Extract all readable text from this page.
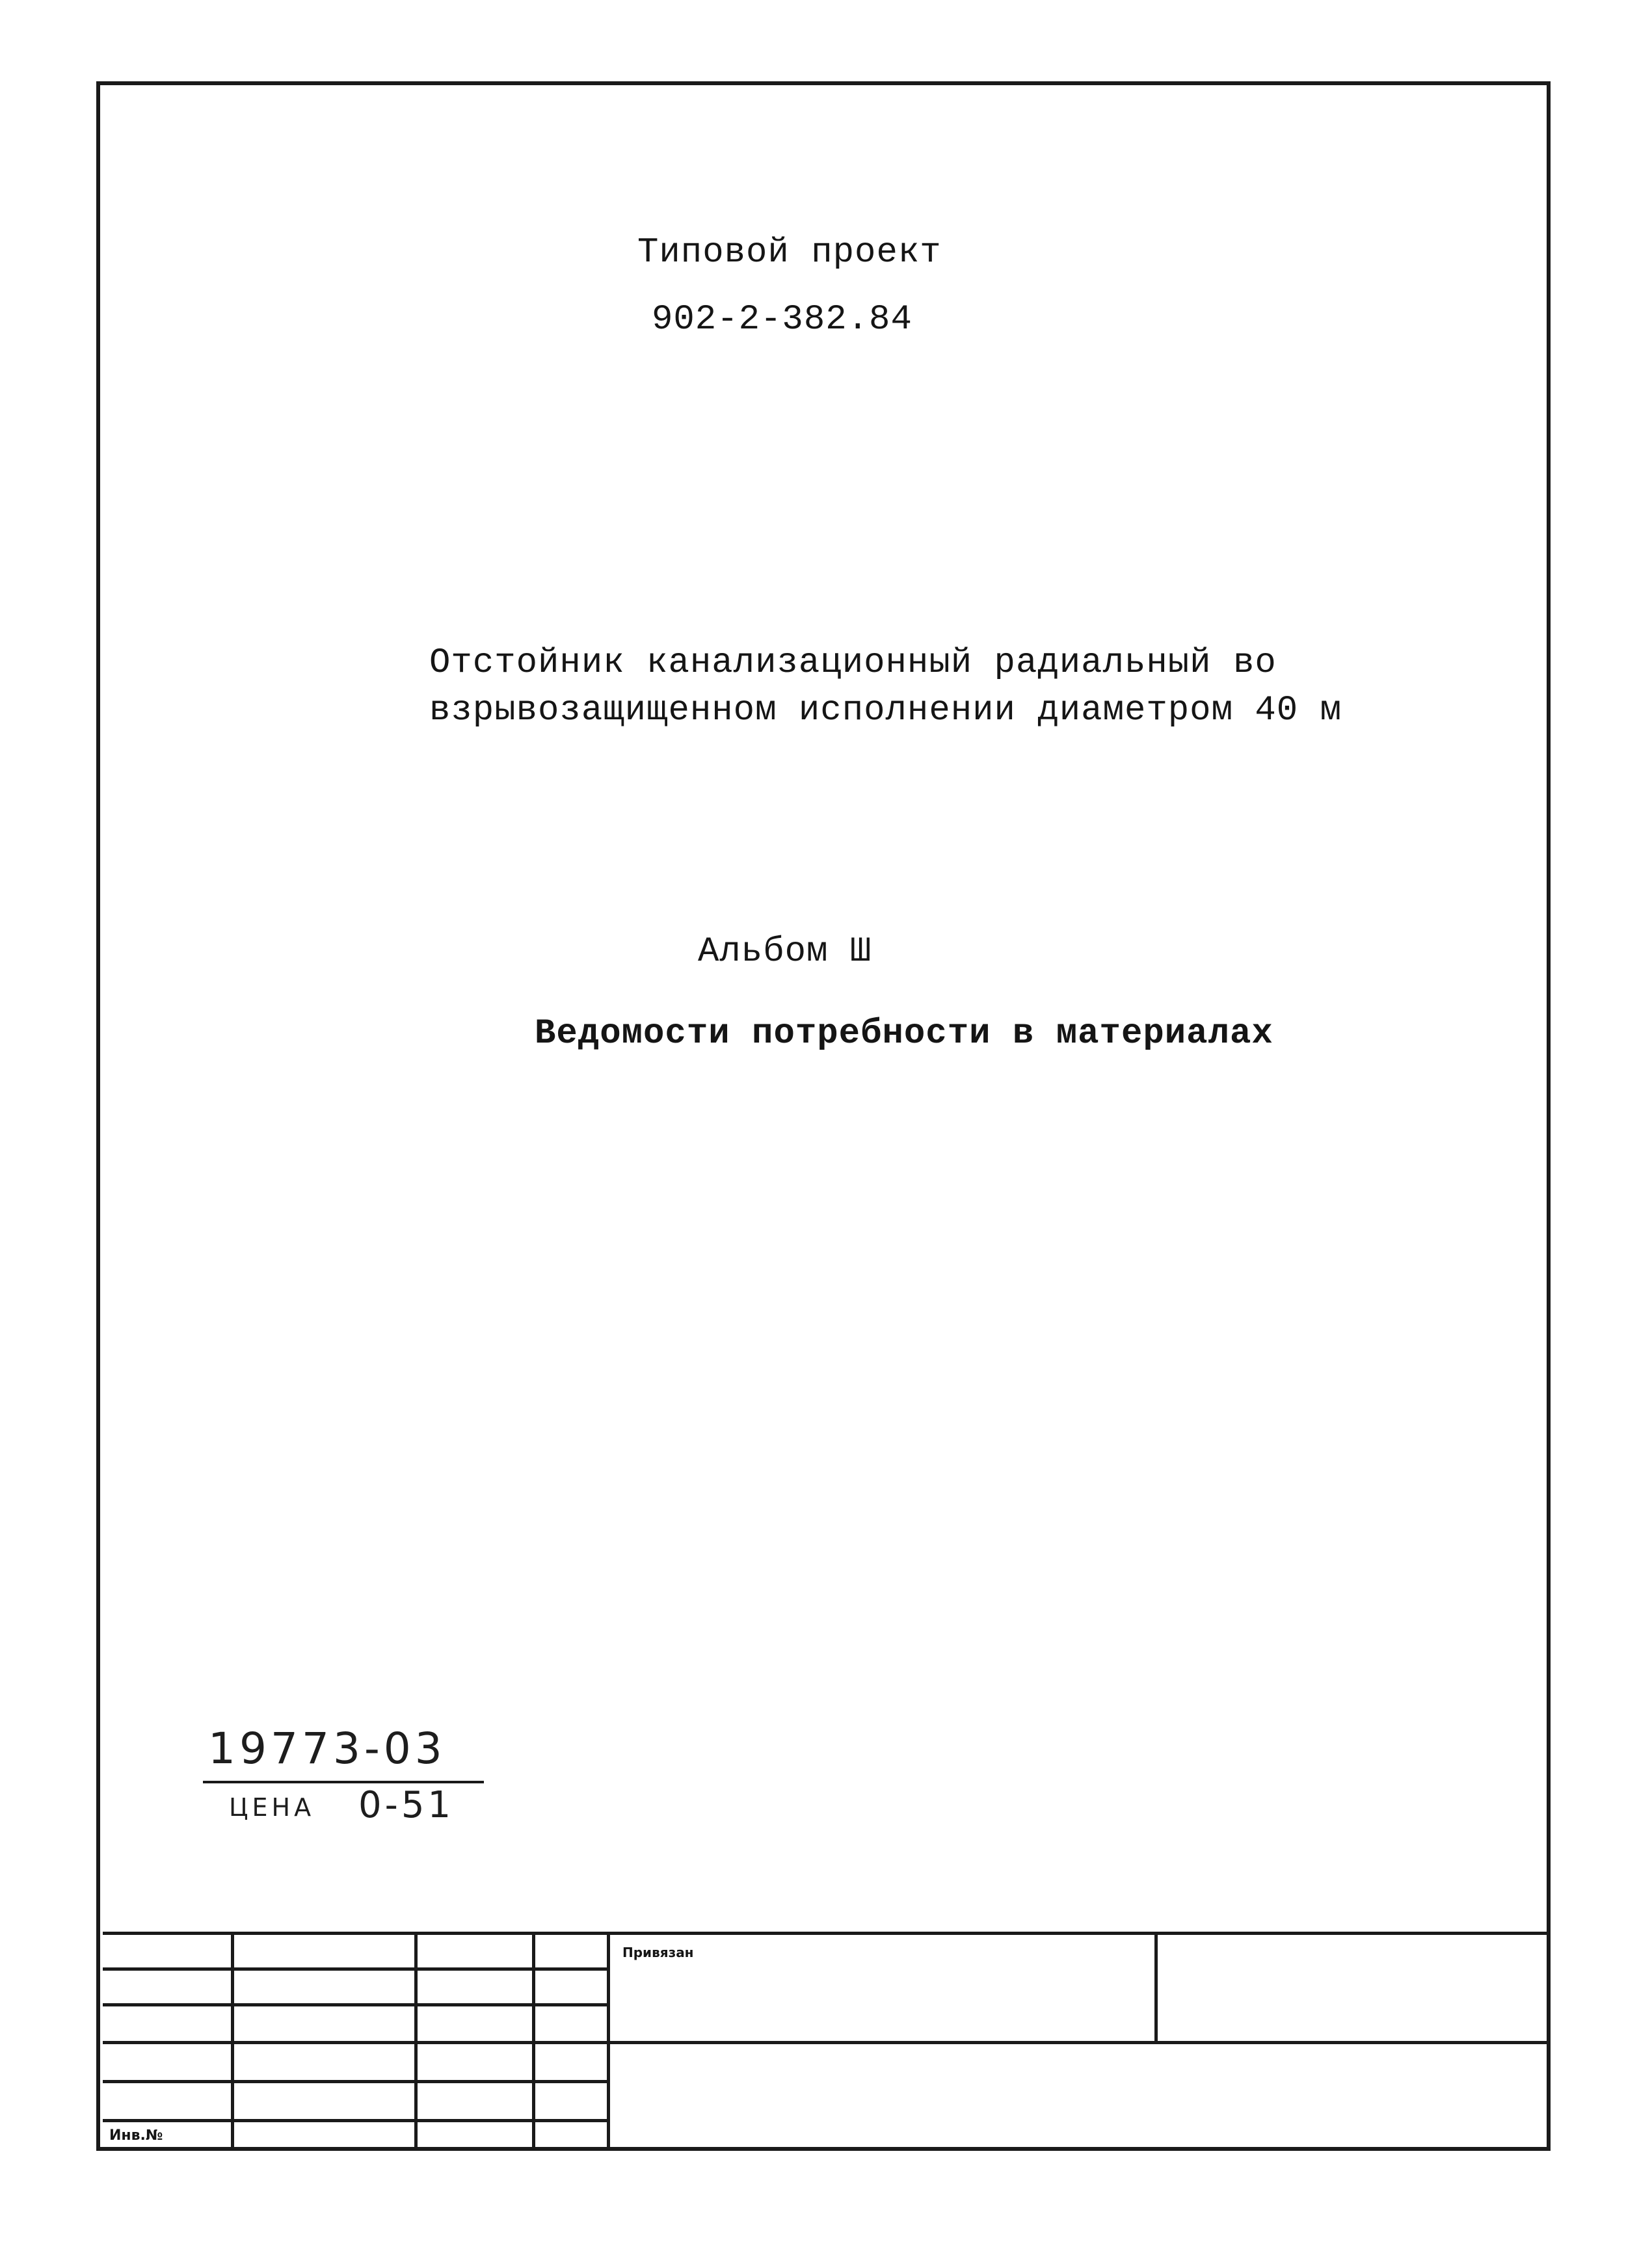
Типовой проект
902-2-382.84
Отстойник канализационный радиальный во
взрывозащищенном исполнении диаметром 40 м
Альбом Ш
Ведомости потребности в материалах
19773-03
ЦЕНА 0-51
Привязан
Инв.№
